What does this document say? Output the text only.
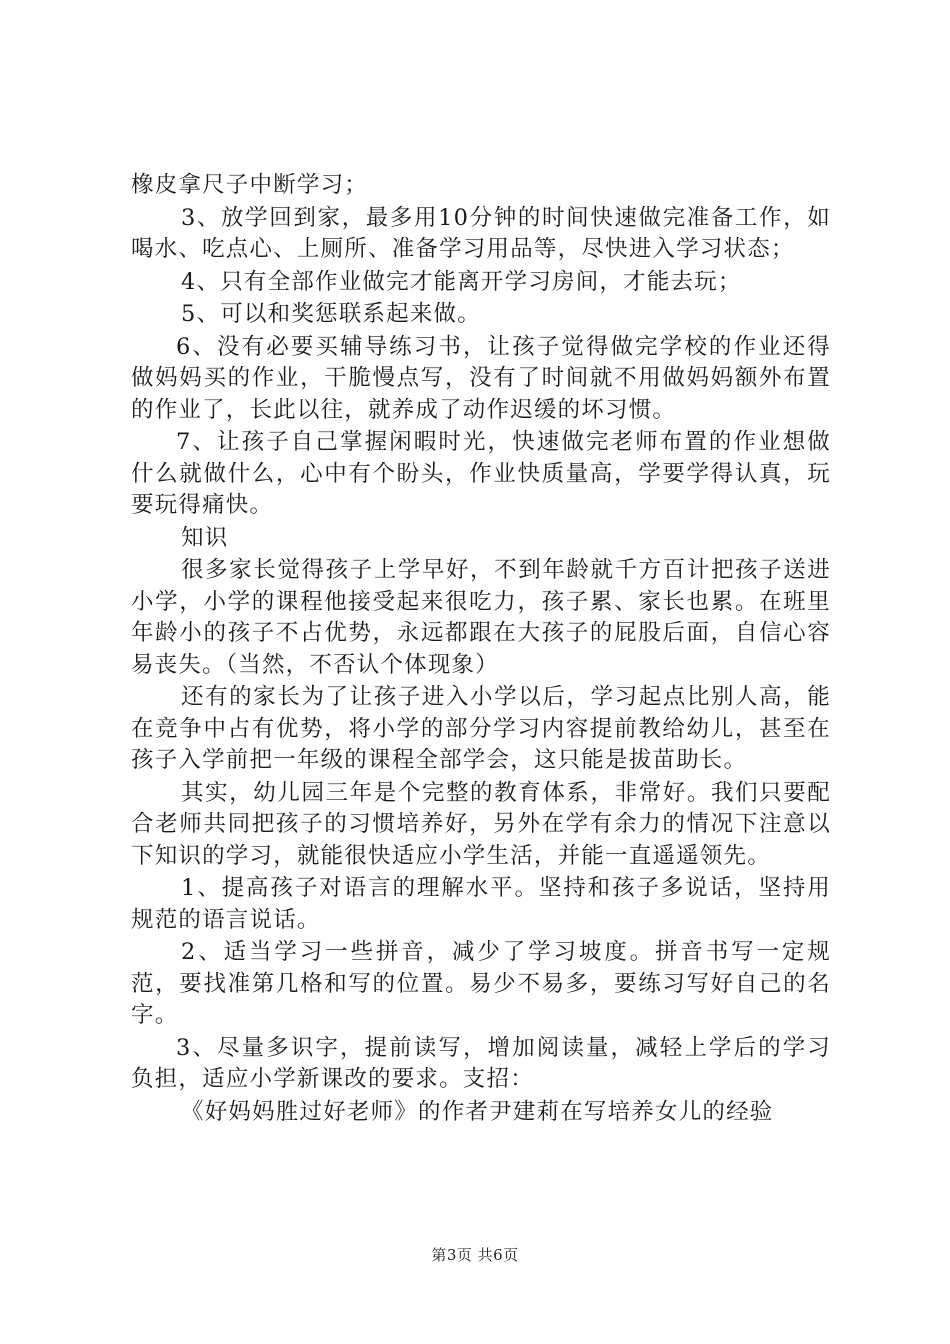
橡皮拿尺子中断学习；

3、放学回到家，最多用10分钟的时间快速做完准备工作，如喝水、吃点心、上厕所、准备学习用品等，尽快进入学习状态；

4、只有全部作业做完才能离开学习房间，才能去玩；

5、可以和奖惩联系起来做。

6、没有必要买辅导练习书，让孩子觉得做完学校的作业还得做妈妈买的作业，干脆慢点写，没有了时间就不用做妈妈额外布置的作业了，长此以往，就养成了动作迟缓的坏习惯。

7、让孩子自己掌握闲暇时光，快速做完老师布置的作业想做什么就做什么，心中有个盼头，作业快质量高，学要学得认真，玩要玩得痛快。

知识

很多家长觉得孩子上学早好，不到年龄就千方百计把孩子送进小学，小学的课程他接受起来很吃力，孩子累、家长也累。在班里年龄小的孩子不占优势，永远都跟在大孩子的屁股后面，自信心容易丧失。（当然，不否认个体现象）

还有的家长为了让孩子进入小学以后，学习起点比别人高，能在竞争中占有优势，将小学的部分学习内容提前教给幼儿，甚至在孩子入学前把一年级的课程全部学会，这只能是拔苗助长。

其实，幼儿园三年是个完整的教育体系，非常好。我们只要配合老师共同把孩子的习惯培养好，另外在学有余力的情况下注意以下知识的学习，就能很快适应小学生活，并能一直遥遥领先。

1、提高孩子对语言的理解水平。坚持和孩子多说话，坚持用规范的语言说话。

2、适当学习一些拼音，减少了学习坡度。拼音书写一定规范，要找准第几格和写的位置。易少不易多，要练习写好自己的名字。

3、尽量多识字，提前读写，增加阅读量，减轻上学后的学习负担，适应小学新课改的要求。支招：

《好妈妈胜过好老师》的作者尹建莉在写培养女儿的经验

第3页 共6页
